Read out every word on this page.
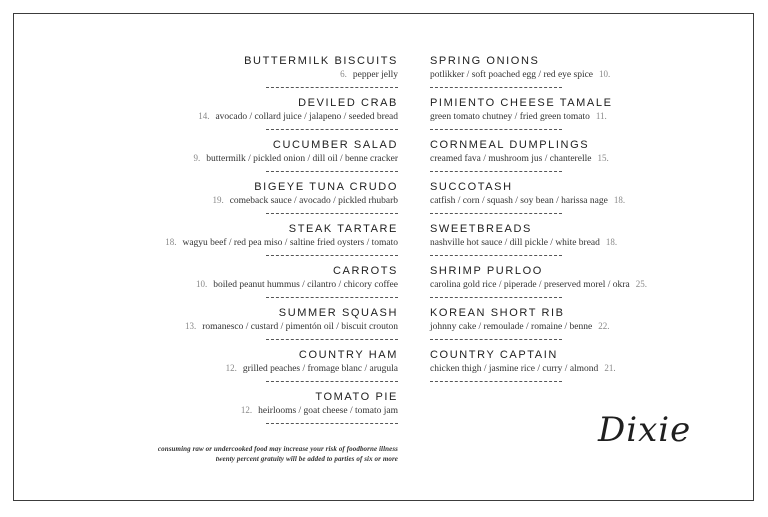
BUTTERMILK BISCUITS
6. pepper jelly
DEVILED CRAB
14. avocado / collard juice / jalapeno / seeded bread
CUCUMBER SALAD
9. buttermilk / pickled onion / dill oil / benne cracker
BIGEYE TUNA CRUDO
19. comeback sauce / avocado / pickled rhubarb
STEAK TARTARE
18. wagyu beef / red pea miso / saltine fried oysters / tomato
CARROTS
10. boiled peanut hummus / cilantro / chicory coffee
SUMMER SQUASH
13. romanesco / custard / pimentón oil / biscuit crouton
COUNTRY HAM
12. grilled peaches / fromage blanc / arugula
TOMATO PIE
12. heirlooms / goat cheese / tomato jam
SPRING ONIONS
potlikker / soft poached egg / red eye spice 10.
PIMIENTO CHEESE TAMALE
green tomato chutney / fried green tomato 11.
CORNMEAL DUMPLINGS
creamed fava / mushroom jus / chanterelle 15.
SUCCOTASH
catfish / corn / squash / soy bean / harissa nage 18.
SWEETBREADS
nashville hot sauce / dill pickle / white bread 18.
SHRIMP PURLOO
carolina gold rice / piperade / preserved morel / okra 25.
KOREAN SHORT RIB
johnny cake / remoulade / romaine / benne 22.
COUNTRY CAPTAIN
chicken thigh / jasmine rice / curry / almond 21.
consuming raw or undercooked food may increase your risk of foodborne illness
twenty percent gratuity will be added to parties of six or more
Dixie
